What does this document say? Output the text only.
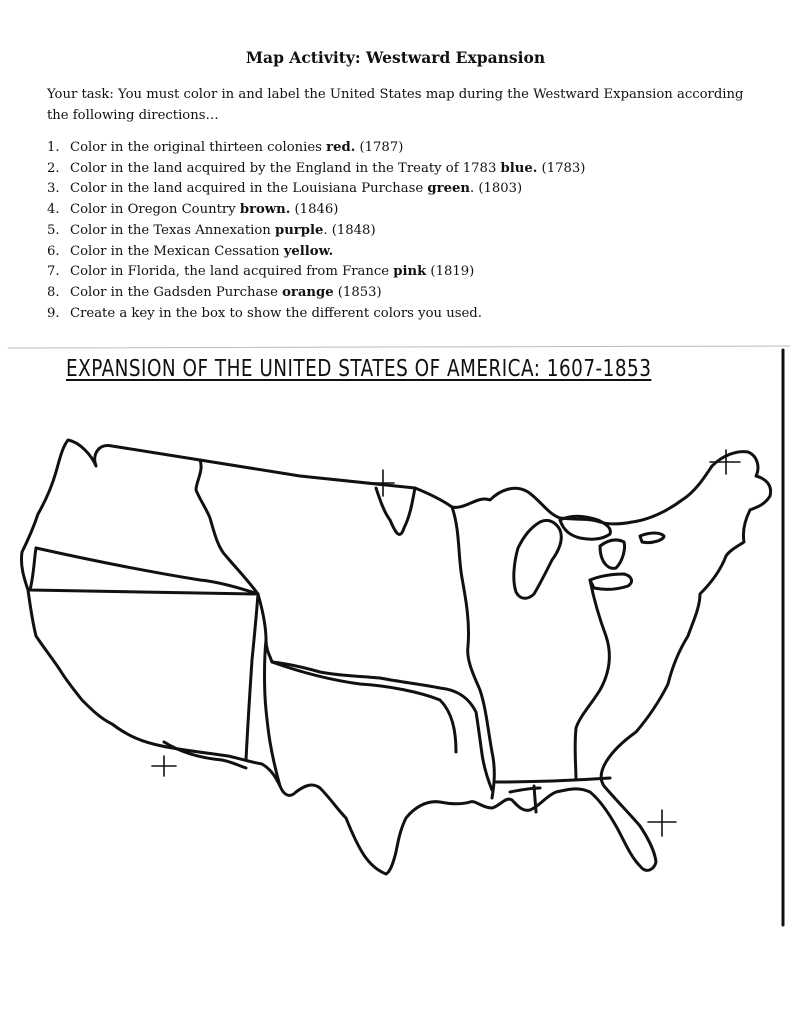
Map Activity: Westward Expansion
Your task: You must color in and label the United States map during the Westward Expansion according the following directions…
1. Color in the original thirteen colonies red. (1787)
2. Color in the land acquired by the England in the Treaty of 1783 blue. (1783)
3. Color in the land acquired in the Louisiana Purchase green. (1803)
4. Color in Oregon Country brown. (1846)
5. Color in the Texas Annexation purple. (1848)
6. Color in the Mexican Cessation yellow.
7. Color in Florida, the land acquired from France pink (1819)
8. Color in the Gadsden Purchase orange (1853)
9. Create a key in the box to show the different colors you used.
EXPANSION OF THE UNITED STATES OF AMERICA: 1607-1853
